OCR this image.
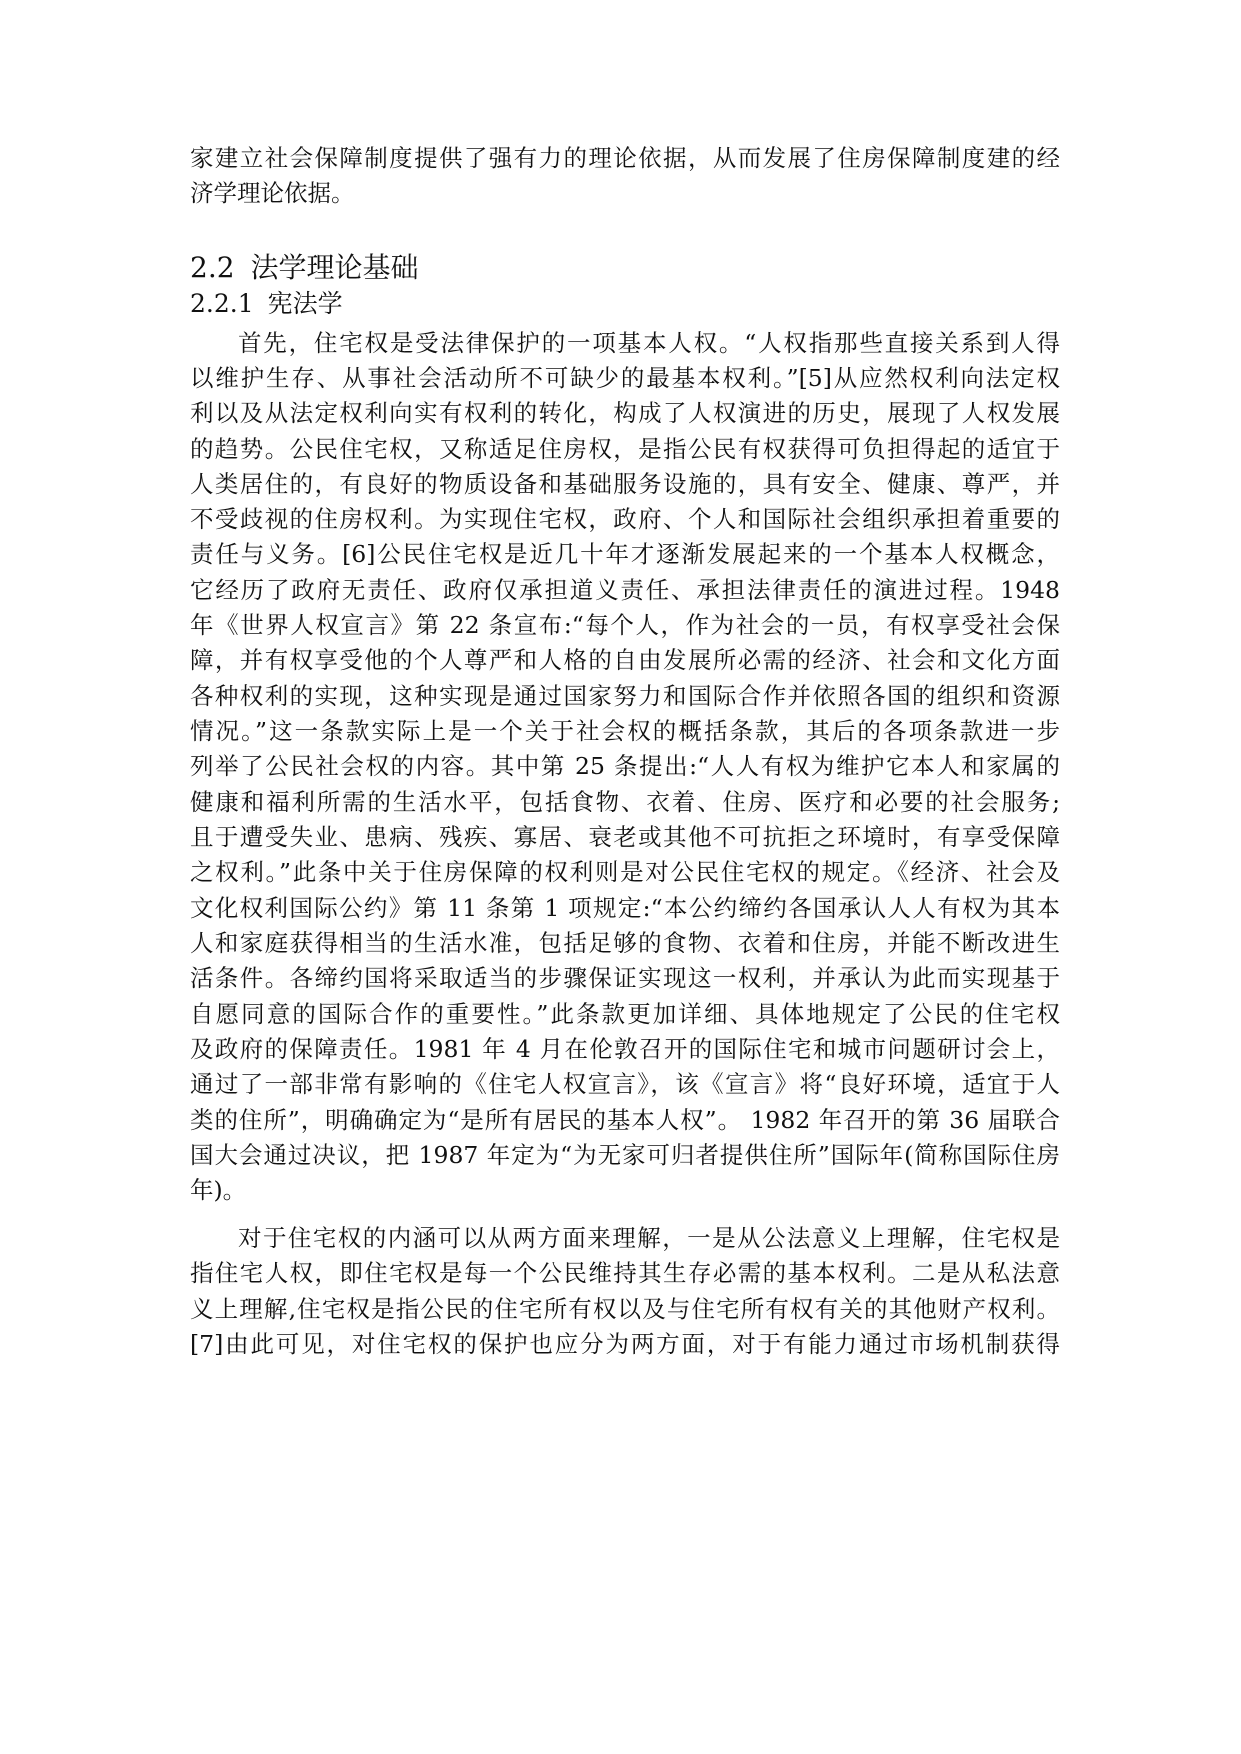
家建立社会保障制度提供了强有力的理论依据，从而发展了住房保障制度建的经
济学理论依据。
2.2 法学理论基础
2.2.1 宪法学
首先，住宅权是受法律保护的一项基本人权。“人权指那些直接关系到人得
以维护生存、从事社会活动所不可缺少的最基本权利。”[5]从应然权利向法定权
利以及从法定权利向实有权利的转化，构成了人权演进的历史，展现了人权发展
的趋势。公民住宅权，又称适足住房权，是指公民有权获得可负担得起的适宜于
人类居住的，有良好的物质设备和基础服务设施的，具有安全、健康、尊严，并
不受歧视的住房权利。为实现住宅权，政府、个人和国际社会组织承担着重要的
责任与义务。[6]公民住宅权是近几十年才逐渐发展起来的一个基本人权概念，
它经历了政府无责任、政府仅承担道义责任、承担法律责任的演进过程。1948
年《世界人权宣言》第 22 条宣布:“每个人，作为社会的一员，有权享受社会保
障，并有权享受他的个人尊严和人格的自由发展所必需的经济、社会和文化方面
各种权利的实现，这种实现是通过国家努力和国际合作并依照各国的组织和资源
情况。”这一条款实际上是一个关于社会权的概括条款，其后的各项条款进一步
列举了公民社会权的内容。其中第 25 条提出:“人人有权为维护它本人和家属的
健康和福利所需的生活水平，包括食物、衣着、住房、医疗和必要的社会服务;
且于遭受失业、患病、残疾、寡居、衰老或其他不可抗拒之环境时，有享受保障
之权利。”此条中关于住房保障的权利则是对公民住宅权的规定。《经济、社会及
文化权利国际公约》第 11 条第 1 项规定:“本公约缔约各国承认人人有权为其本
人和家庭获得相当的生活水准，包括足够的食物、衣着和住房，并能不断改进生
活条件。各缔约国将采取适当的步骤保证实现这一权利，并承认为此而实现基于
自愿同意的国际合作的重要性。”此条款更加详细、具体地规定了公民的住宅权
及政府的保障责任。1981 年 4 月在伦敦召开的国际住宅和城市问题研讨会上，
通过了一部非常有影响的《住宅人权宣言》，该《宣言》将“良好环境，适宜于人
类的住所”，明确确定为“是所有居民的基本人权”。 1982 年召开的第 36 届联合
国大会通过决议，把 1987 年定为“为无家可归者提供住所”国际年(简称国际住房
年)。
对于住宅权的内涵可以从两方面来理解，一是从公法意义上理解，住宅权是
指住宅人权，即住宅权是每一个公民维持其生存必需的基本权利。二是从私法意
义上理解,住宅权是指公民的住宅所有权以及与住宅所有权有关的其他财产权利。
[7]由此可见，对住宅权的保护也应分为两方面，对于有能力通过市场机制获得
